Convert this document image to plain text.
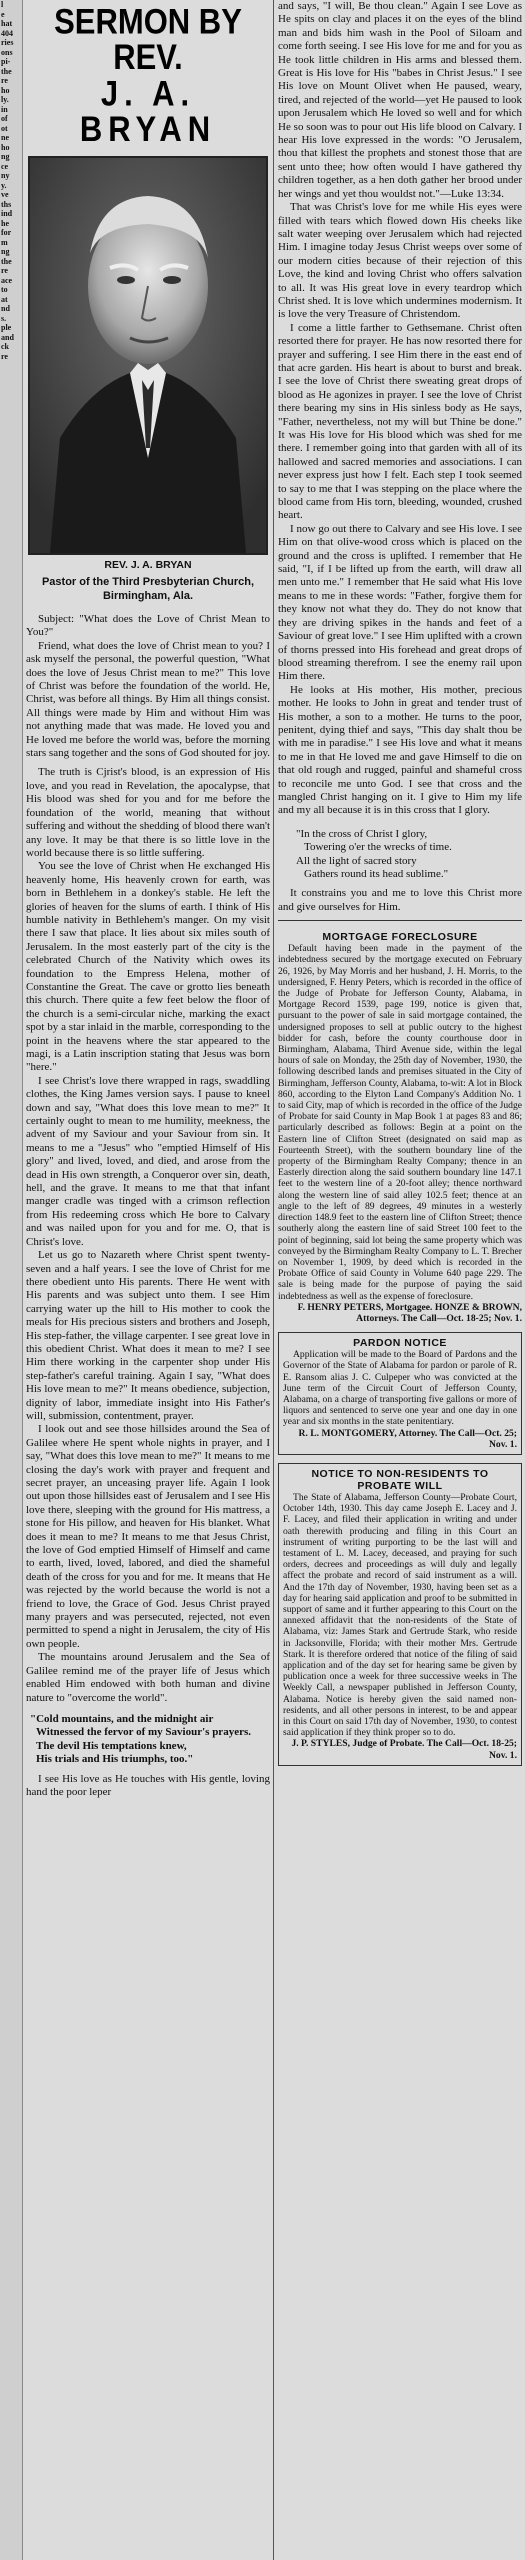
l
e
hat
404
ries
ons
pi-
the
re
ho
ly.
in
of
ot
ne
ho
ng
ce
ny
y.
ve
ths
ind
he
for
m
ng
the
re
ace
to
at
nd
s.
ple
and
ck
re
SERMON BY REV.
J. A. BRYAN
REV. J. A. BRYAN
Pastor of the Third Presbyterian Church, Birmingham, Ala.

Subject: "What does the Love of Christ Mean to You?"

Friend, what does the love of Christ mean to you? I ask myself the personal, the powerful question, "What does the love of Jesus Christ mean to me?" This love of Christ was before the foundation of the world. He, Christ, was before all things. By Him all things consist. All things were made by Him and without Him was not anything made that was made. He loved you and He loved me before the world was, before the morning stars sang together and the sons of God shouted for joy.

The truth is Cjrist's blood, is an expression of His love, and you read in Revelation, the apocalypse, that His blood was shed for you and for me before the foundation of the world, meaning that without suffering and without the shedding of blood there wan't any love. It may be that there is so little love in the world because there is so little suffering.

You see the love of Christ when He exchanged His heavenly home, His heavenly crown for earth, was born in Bethlehem in a donkey's stable. He left the glories of heaven for the slums of earth. I think of His humble nativity in Bethlehem's manger. On my visit there I saw that place. It lies about six miles south of Jerusalem. In the most easterly part of the city is the celebrated Church of the Nativity which owes its foundation to the Empress Helena, mother of Constantine the Great. The cave or grotto lies beneath this church. There quite a few feet below the floor of the church is a semi-circular niche, marking the exact spot by a star inlaid in the marble, corresponding to the point in the heavens where the star appeared to the magi, is a Latin inscription stating that Jesus was born "here."

I see Christ's love there wrapped in rags, swaddling clothes, the King James version says. I pause to kneel down and say, "What does this love mean to me?" It certainly ought to mean to me humility, meekness, the advent of my Saviour and your Saviour from sin. It means to me a "Jesus" who "emptied Himself of His glory" and lived, loved, and died, and arose from the dead in His own strength, a Conqueror over sin, death, hell, and the grave. It means to me that that infant manger cradle was tinged with a crimson reflection from His redeeming cross which He bore to Calvary and was nailed upon for you and for me. O, that is Christ's love.

Let us go to Nazareth where Christ spent twenty-seven and a half years. I see the love of Christ for me there obedient unto His parents. There He went with His parents and was subject unto them. I see Him carrying water up the hill to His mother to cook the meals for His precious sisters and brothers and Joseph, His step-father, the village carpenter. I see great love in this obedient Christ. What does it mean to me? I see Him there working in the carpenter shop under His step-father's careful training. Again I say, "What does His love mean to me?" It means obedience, subjection, dignity of labor, immediate insight into His Father's will, submission, contentment, prayer.

I look out and see those hillsides around the Sea of Galilee where He spent whole nights in prayer, and I say, "What does this love mean to me?" It means to me closing the day's work with prayer and frequent and secret prayer, an unceasing prayer life. Again I look out upon those hillsides east of Jerusalem and I see His love there, sleeping with the ground for His mattress, a stone for His pillow, and heaven for His blanket. What does it mean to me? It means to me that Jesus Christ, the love of God emptied Himself of Himself and came to earth, lived, loved, labored, and died the shameful death of the cross for you and for me. It means that He was rejected by the world because the world is not a friend to love, the Grace of God. Jesus Christ prayed many prayers and was persecuted, rejected, not even permitted to spend a night in Jerusalem, the city of His own people.

The mountains around Jerusalem and the Sea of Galilee remind me of the prayer life of Jesus which enabled Him endowed with both human and divine nature to "overcome the world".

"Cold mountains, and the midnight air
Witnessed the fervor of my Saviour's prayers.
The devil His temptations knew,
His trials and His triumphs, too."

I see His love as He touches with His gentle, loving hand the poor leper

and says, "I will, Be thou clean." Again I see Love as He spits on clay and places it on the eyes of the blind man and bids him wash in the Pool of Siloam and come forth seeing. I see His love for me and for you as He took little children in His arms and blessed them. Great is His love for His "babes in Christ Jesus." I see His love on Mount Olivet when He paused, weary, tired, and rejected of the world—yet He paused to look upon Jerusalem which He loved so well and for which He so soon was to pour out His life blood on Calvary. I hear His love expressed in the words: "O Jerusalem, thou that killest the prophets and stonest those that are sent unto thee; how often would I have gathered thy children together, as a hen doth gather her brood under her wings and yet thou wouldst not."—Luke 13:34.

That was Christ's love for me while His eyes were filled with tears which flowed down His cheeks like salt water weeping over Jerusalem which had rejected Him. I imagine today Jesus Christ weeps over some of our modern cities because of their rejection of this Love, the kind and loving Christ who offers salvation to all. It was His great love in every teardrop which Christ shed. It is love which undermines modernism. It is love the very Treasure of Christendom.

I come a little farther to Gethsemane. Christ often resorted there for prayer. He has now resorted there for prayer and suffering. I see Him there in the east end of that acre garden. His heart is about to burst and break. I see the love of Christ there sweating great drops of blood as He agonizes in prayer. I see the love of Christ there bearing my sins in His sinless body as He says, "Father, nevertheless, not my will but Thine be done." It was His love for His blood which was shed for me there. I remember going into that garden with all of its hallowed and sacred memories and associations. I can never express just how I felt. Each step I took seemed to say to me that I was stepping on the place where the blood came from His torn, bleeding, wounded, crushed heart.

I now go out there to Calvary and see His love. I see Him on that olive-wood cross which is placed on the ground and the cross is uplifted. I remember that He said, "I, if I be lifted up from the earth, will draw all men unto me." I remember that He said what His love means to me in these words: "Father, forgive them for they know not what they do. They do not know that they are driving spikes in the hands and feet of a Saviour of great love." I see Him uplifted with a crown of thorns pressed into His forehead and great drops of blood streaming therefrom. I see the enemy rail upon Him there.

He looks at His mother, His mother, precious mother. He looks to John in great and tender trust of His mother, a son to a mother. He turns to the poor, penitent, dying thief and says, "This day shalt thou be with me in paradise." I see His love and what it means to me in that He loved me and gave Himself to die on that old rough and rugged, painful and shameful cross to reconcile me unto God. I see that cross and the mangled Christ hanging on it. I give to Him my life and my all because it is in this cross that I glory.

"In the cross of Christ I glory,
Towering o'er the wrecks of time.
All the light of sacred story
Gathers round its head sublime."

It constrains you and me to love this Christ more and give ourselves for Him.

MORTGAGE FORECLOSURE

Default having been made in the payment of the indebtedness secured by the mortgage executed on February 26, 1926, by May Morris and her husband, J. H. Morris, to the undersigned, F. Henry Peters, which is recorded in the office of the Judge of Probate for Jefferson County, Alabama, in Mortgage Record 1539, page 199, notice is given that, pursuant to the power of sale in said mortgage contained, the undersigned proposes to sell at public outcry to the highest bidder for cash, before the county courthouse door in Birmingham, Alabama, Third Avenue side, within the legal hours of sale on Monday, the 25th day of November, 1930, the following described lands and premises situated in the City of Birmingham, Jefferson County, Alabama, to-wit: A lot in Block 860, according to the Elyton Land Company's Addition No. 1 to said City, map of which is recorded in the office of the Judge of Probate for said County in Map Book 1 at pages 83 and 86; particularly described as follows: Begin at a point on the Eastern line of Clifton Street (designated on said map as Fourteenth Street), with the southern boundary line of the property of the Birmingham Realty Company; thence in an Easterly direction along the said southern boundary line 147.1 feet to the western line of a 20-foot alley; thence northward along the western line of said alley 102.5 feet; thence at an angle to the left of 89 degrees, 49 minutes in a westerly direction 148.9 feet to the eastern line of Clifton Street; thence southerly along the eastern line of said Street 100 feet to the point of beginning, said lot being the same property which was conveyed by the Birmingham Realty Company to L. T. Brecher on November 1, 1909, by deed which is recorded in the Probate Office of said County in Volume 640 page 229. The sale is being made for the purpose of paying the said indebtedness as well as the expense of foreclosure.

F. HENRY PETERS, Mortgagee. HONZE & BROWN, Attorneys. The Call—Oct. 18-25; Nov. 1.
PARDON NOTICE

Application will be made to the Board of Pardons and the Governor of the State of Alabama for pardon or parole of R. E. Ransom alias J. C. Culpeper who was convicted at the June term of the Circuit Court of Jefferson County, Alabama, on a charge of transporting five gallons or more of liquors and sentenced to serve one year and one day in one year and six months in the state penitentiary.

R. L. MONTGOMERY, Attorney. The Call—Oct. 25; Nov. 1.
NOTICE TO NON-RESIDENTS TO PROBATE WILL

The State of Alabama, Jefferson County—Probate Court, October 14th, 1930. This day came Joseph E. Lacey and J. F. Lacey, and filed their application in writing and under oath therewith producing and filing in this Court an instrument of writing purporting to be the last will and testament of L. M. Lacey, deceased, and praying for such orders, decrees and proceedings as will duly and legally affect the probate and record of said instrument as a will. And the 17th day of November, 1930, having been set as a day for hearing said application and proof to be submitted in support of same and it further appearing to this Court on the annexed affidavit that the non-residents of the State of Alabama, viz: James Stark and Gertrude Stark, who reside in Jacksonville, Florida; with their mother Mrs. Gertrude Stark. It is therefore ordered that notice of the filing of said application and of the day set for hearing same be given by publication once a week for three successive weeks in The Weekly Call, a newspaper published in Jefferson County, Alabama. Notice is hereby given the said named non-residents, and all other persons in interest, to be and appear in this Court on said 17th day of November, 1930, to contest said application if they think proper so to do.

J. P. STYLES, Judge of Probate. The Call—Oct. 18-25; Nov. 1.
